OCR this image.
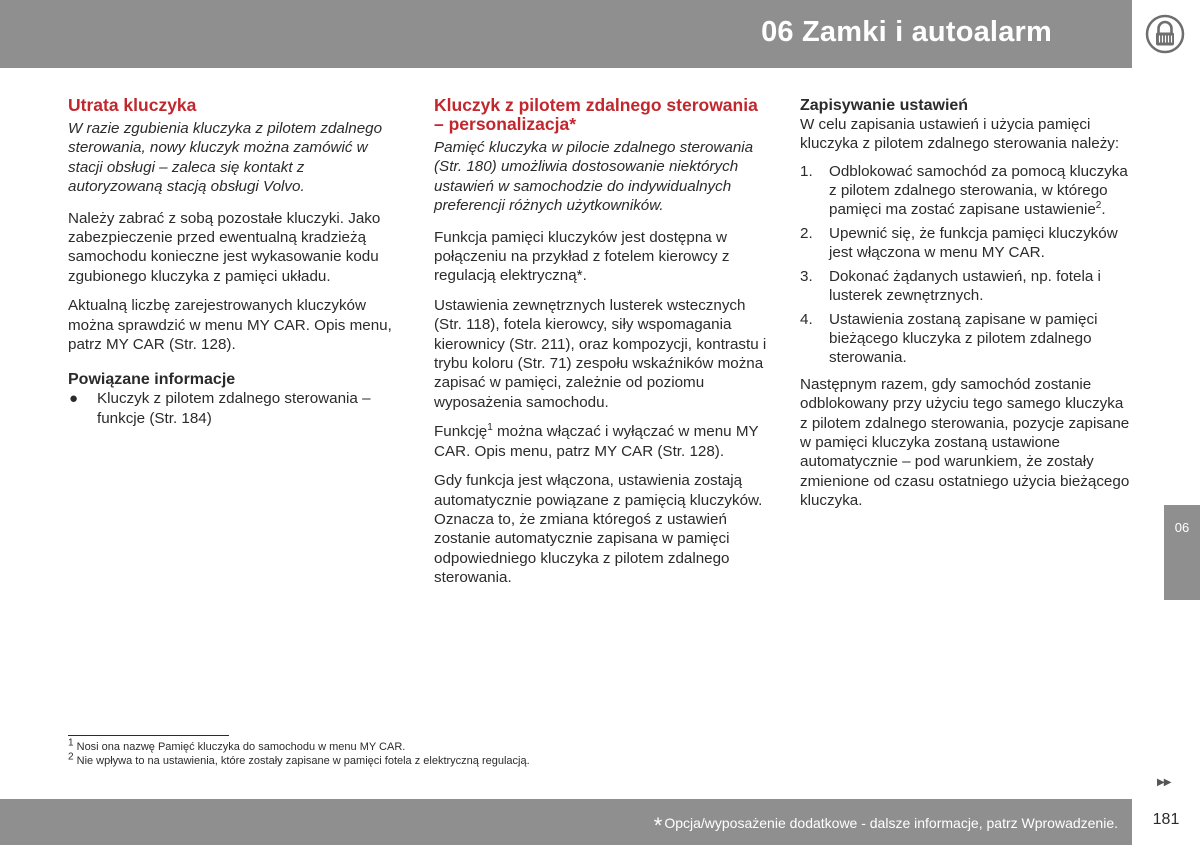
06 Zamki i autoalarm
Utrata kluczyka

W razie zgubienia kluczyka z pilotem zdalnego sterowania, nowy kluczyk można zamówić w stacji obsługi – zaleca się kontakt z autoryzowaną stacją obsługi Volvo.

Należy zabrać z sobą pozostałe kluczyki. Jako zabezpieczenie przed ewentualną kradzieżą samochodu konieczne jest wykasowanie kodu zgubionego kluczyka z pamięci układu.

Aktualną liczbę zarejestrowanych kluczyków można sprawdzić w menu MY CAR. Opis menu, patrz MY CAR (Str. 128).

Powiązane informacje
● Kluczyk z pilotem zdalnego sterowania – funkcje (Str. 184)
Kluczyk z pilotem zdalnego sterowania – personalizacja*

Pamięć kluczyka w pilocie zdalnego sterowania (Str. 180) umożliwia dostosowanie niektórych ustawień w samochodzie do indywidualnych preferencji różnych użytkowników.

Funkcja pamięci kluczyków jest dostępna w połączeniu na przykład z fotelem kierowcy z regulacją elektryczną*.

Ustawienia zewnętrznych lusterek wstecznych (Str. 118), fotela kierowcy, siły wspomagania kierownicy (Str. 211), oraz kompozycji, kontrastu i trybu koloru (Str. 71) zespołu wskaźników można zapisać w pamięci, zależnie od poziomu wyposażenia samochodu.

Funkcję$^1$ można włączać i wyłączać w menu MY CAR. Opis menu, patrz MY CAR (Str. 128).

Gdy funkcja jest włączona, ustawienia zostają automatycznie powiązane z pamięcią kluczyków. Oznacza to, że zmiana któregoś z ustawień zostanie automatycznie zapisana w pamięci odpowiedniego kluczyka z pilotem zdalnego sterowania.

Zapisywanie ustawień

W celu zapisania ustawień i użycia pamięci kluczyka z pilotem zdalnego sterowania należy:

1. Odblokować samochód za pomocą kluczyka z pilotem zdalnego sterowania, w którego pamięci ma zostać zapisane ustawienie$^2$.
2. Upewnić się, że funkcja pamięci kluczyków jest włączona w menu MY CAR.
3. Dokonać żądanych ustawień, np. fotela i lusterek zewnętrznych.
4. Ustawienia zostaną zapisane w pamięci bieżącego kluczyka z pilotem zdalnego sterowania.

Następnym razem, gdy samochód zostanie odblokowany przy użyciu tego samego kluczyka z pilotem zdalnego sterowania, pozycje zapisane w pamięci kluczyka zostaną ustawione automatycznie – pod warunkiem, że zostały zmienione od czasu ostatniego użycia bieżącego kluczyka.

1 Nosi ona nazwę Pamięć kluczyka do samochodu w menu MY CAR.
2 Nie wpływa to na ustawienia, które zostały zapisane w pamięci fotela z elektryczną regulacją.
06
▶▶
* Opcja/wyposażenie dodatkowe - dalsze informacje, patrz Wprowadzenie.	181
